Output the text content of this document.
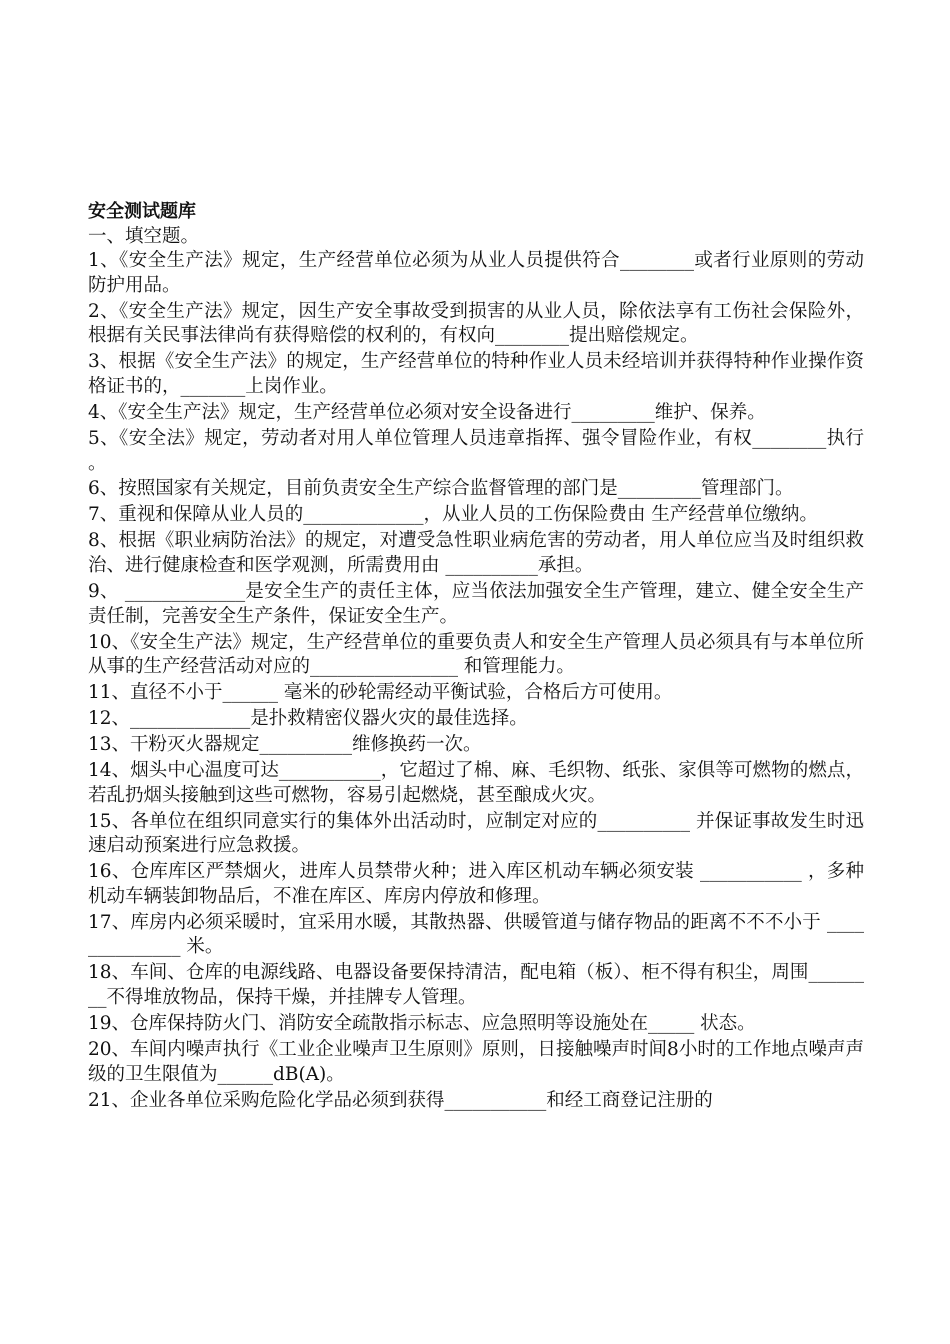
安全测试题库

一、填空题。

1、《安全生产法》规定，生产经营单位必须为从业人员提供符合________或者行业原则的劳动防护用品。

2、《安全生产法》规定，因生产安全事故受到损害的从业人员，除依法享有工伤社会保险外，根据有关民事法律尚有获得赔偿的权利的，有权向________提出赔偿规定。

3、根据《安全生产法》的规定，生产经营单位的特种作业人员未经培训并获得特种作业操作资格证书的，_______上岗作业。

4、《安全生产法》规定，生产经营单位必须对安全设备进行_________维护、保养。

5、《安全法》规定，劳动者对用人单位管理人员违章指挥、强令冒险作业，有权________执行          。

6、按照国家有关规定，目前负责安全生产综合监督管理的部门是_________管理部门。

7、重视和保障从业人员的_____________，从业人员的工伤保险费由 生产经营单位缴纳。

8、根据《职业病防治法》的规定，对遭受急性职业病危害的劳动者，用人单位应当及时组织救治、进行健康检查和医学观测，所需费用由 __________承担。

9、 _____________是安全生产的责任主体，应当依法加强安全生产管理，建立、健全安全生产责任制，完善安全生产条件，保证安全生产。

10、《安全生产法》规定，生产经营单位的重要负责人和安全生产管理人员必须具有与本单位所从事的生产经营活动对应的________________ 和管理能力。

11、直径不小于______ 毫米的砂轮需经动平衡试验，合格后方可使用。

12、_____________是扑救精密仪器火灾的最佳选择。

13、干粉灭火器规定__________维修换药一次。

14、烟头中心温度可达___________，它超过了棉、麻、毛织物、纸张、家俱等可燃物的燃点，若乱扔烟头接触到这些可燃物，容易引起燃烧，甚至酿成火灾。

15、各单位在组织同意实行的集体外出活动时，应制定对应的__________ 并保证事故发生时迅速启动预案进行应急救援。

16、仓库库区严禁烟火，进库人员禁带火种；进入库区机动车辆必须安装 ___________ ，多种机动车辆装卸物品后，不准在库区、库房内停放和修理。

17、库房内必须采暖时，宜采用水暖，其散热器、供暖管道与储存物品的距离不不不小于 ______________ 米。

18、车间、仓库的电源线路、电器设备要保持清洁，配电箱（板）、柜不得有积尘，周围________不得堆放物品，保持干燥，并挂牌专人管理。

19、仓库保持防火门、消防安全疏散指示标志、应急照明等设施处在_____ 状态。

20、车间内噪声执行《工业企业噪声卫生原则》原则，日接触噪声时间8小时的工作地点噪声声级的卫生限值为______dB(A)。

21、企业各单位采购危险化学品必须到获得___________和经工商登记注册的
